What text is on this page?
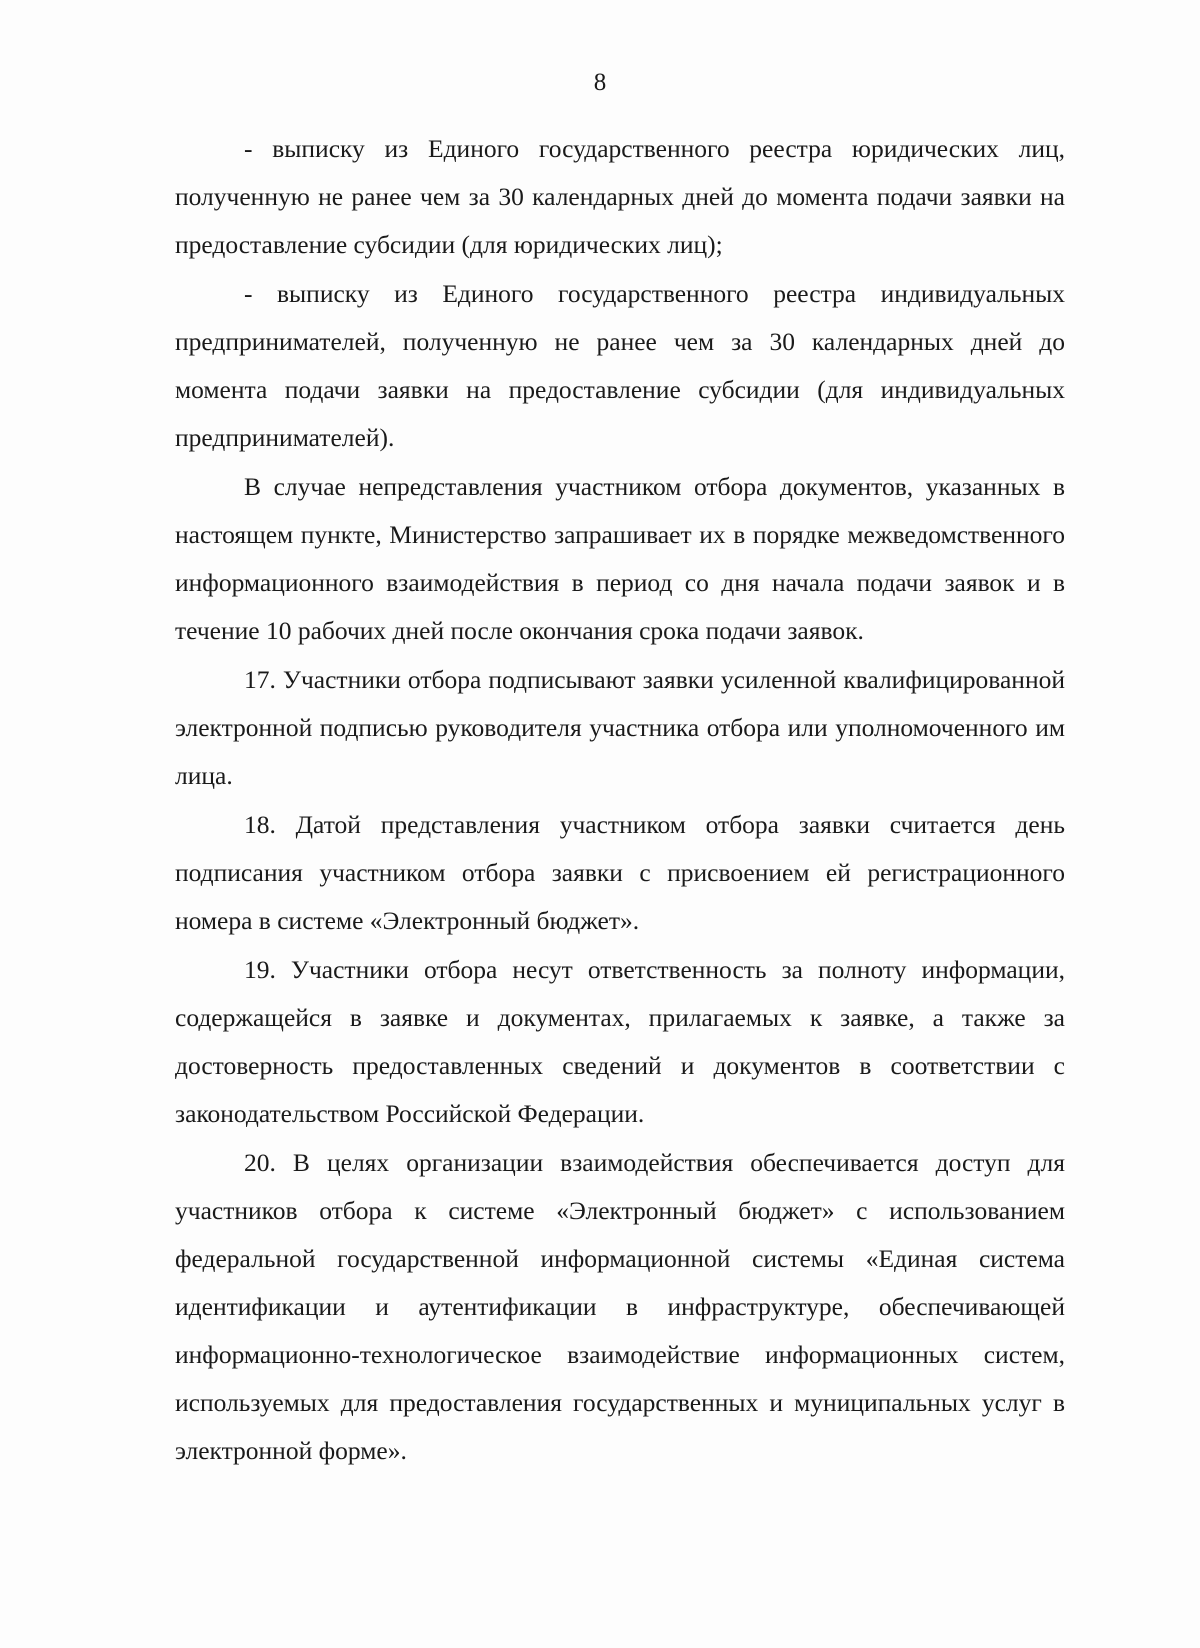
8

- выписку из Единого государственного реестра юридических лиц, полученную не ранее чем за 30 календарных дней до момента подачи заявки на предоставление субсидии (для юридических лиц);

- выписку из Единого государственного реестра индивидуальных предпринимателей, полученную не ранее чем за 30 календарных дней до момента подачи заявки на предоставление субсидии (для индивидуальных предпринимателей).

В случае непредставления участником отбора документов, указанных в настоящем пункте, Министерство запрашивает их в порядке межведомственного информационного взаимодействия в период со дня начала подачи заявок и в течение 10 рабочих дней после окончания срока подачи заявок.

17. Участники отбора подписывают заявки усиленной квалифицированной электронной подписью руководителя участника отбора или уполномоченного им лица.

18. Датой представления участником отбора заявки считается день подписания участником отбора заявки с присвоением ей регистрационного номера в системе «Электронный бюджет».

19. Участники отбора несут ответственность за полноту информации, содержащейся в заявке и документах, прилагаемых к заявке, а также за достоверность предоставленных сведений и документов в соответствии с законодательством Российской Федерации.

20. В целях организации взаимодействия обеспечивается доступ для участников отбора к системе «Электронный бюджет» с использованием федеральной государственной информационной системы «Единая система идентификации и аутентификации в инфраструктуре, обеспечивающей информационно-технологическое взаимодействие информационных систем, используемых для предоставления государственных и муниципальных услуг в электронной форме».
